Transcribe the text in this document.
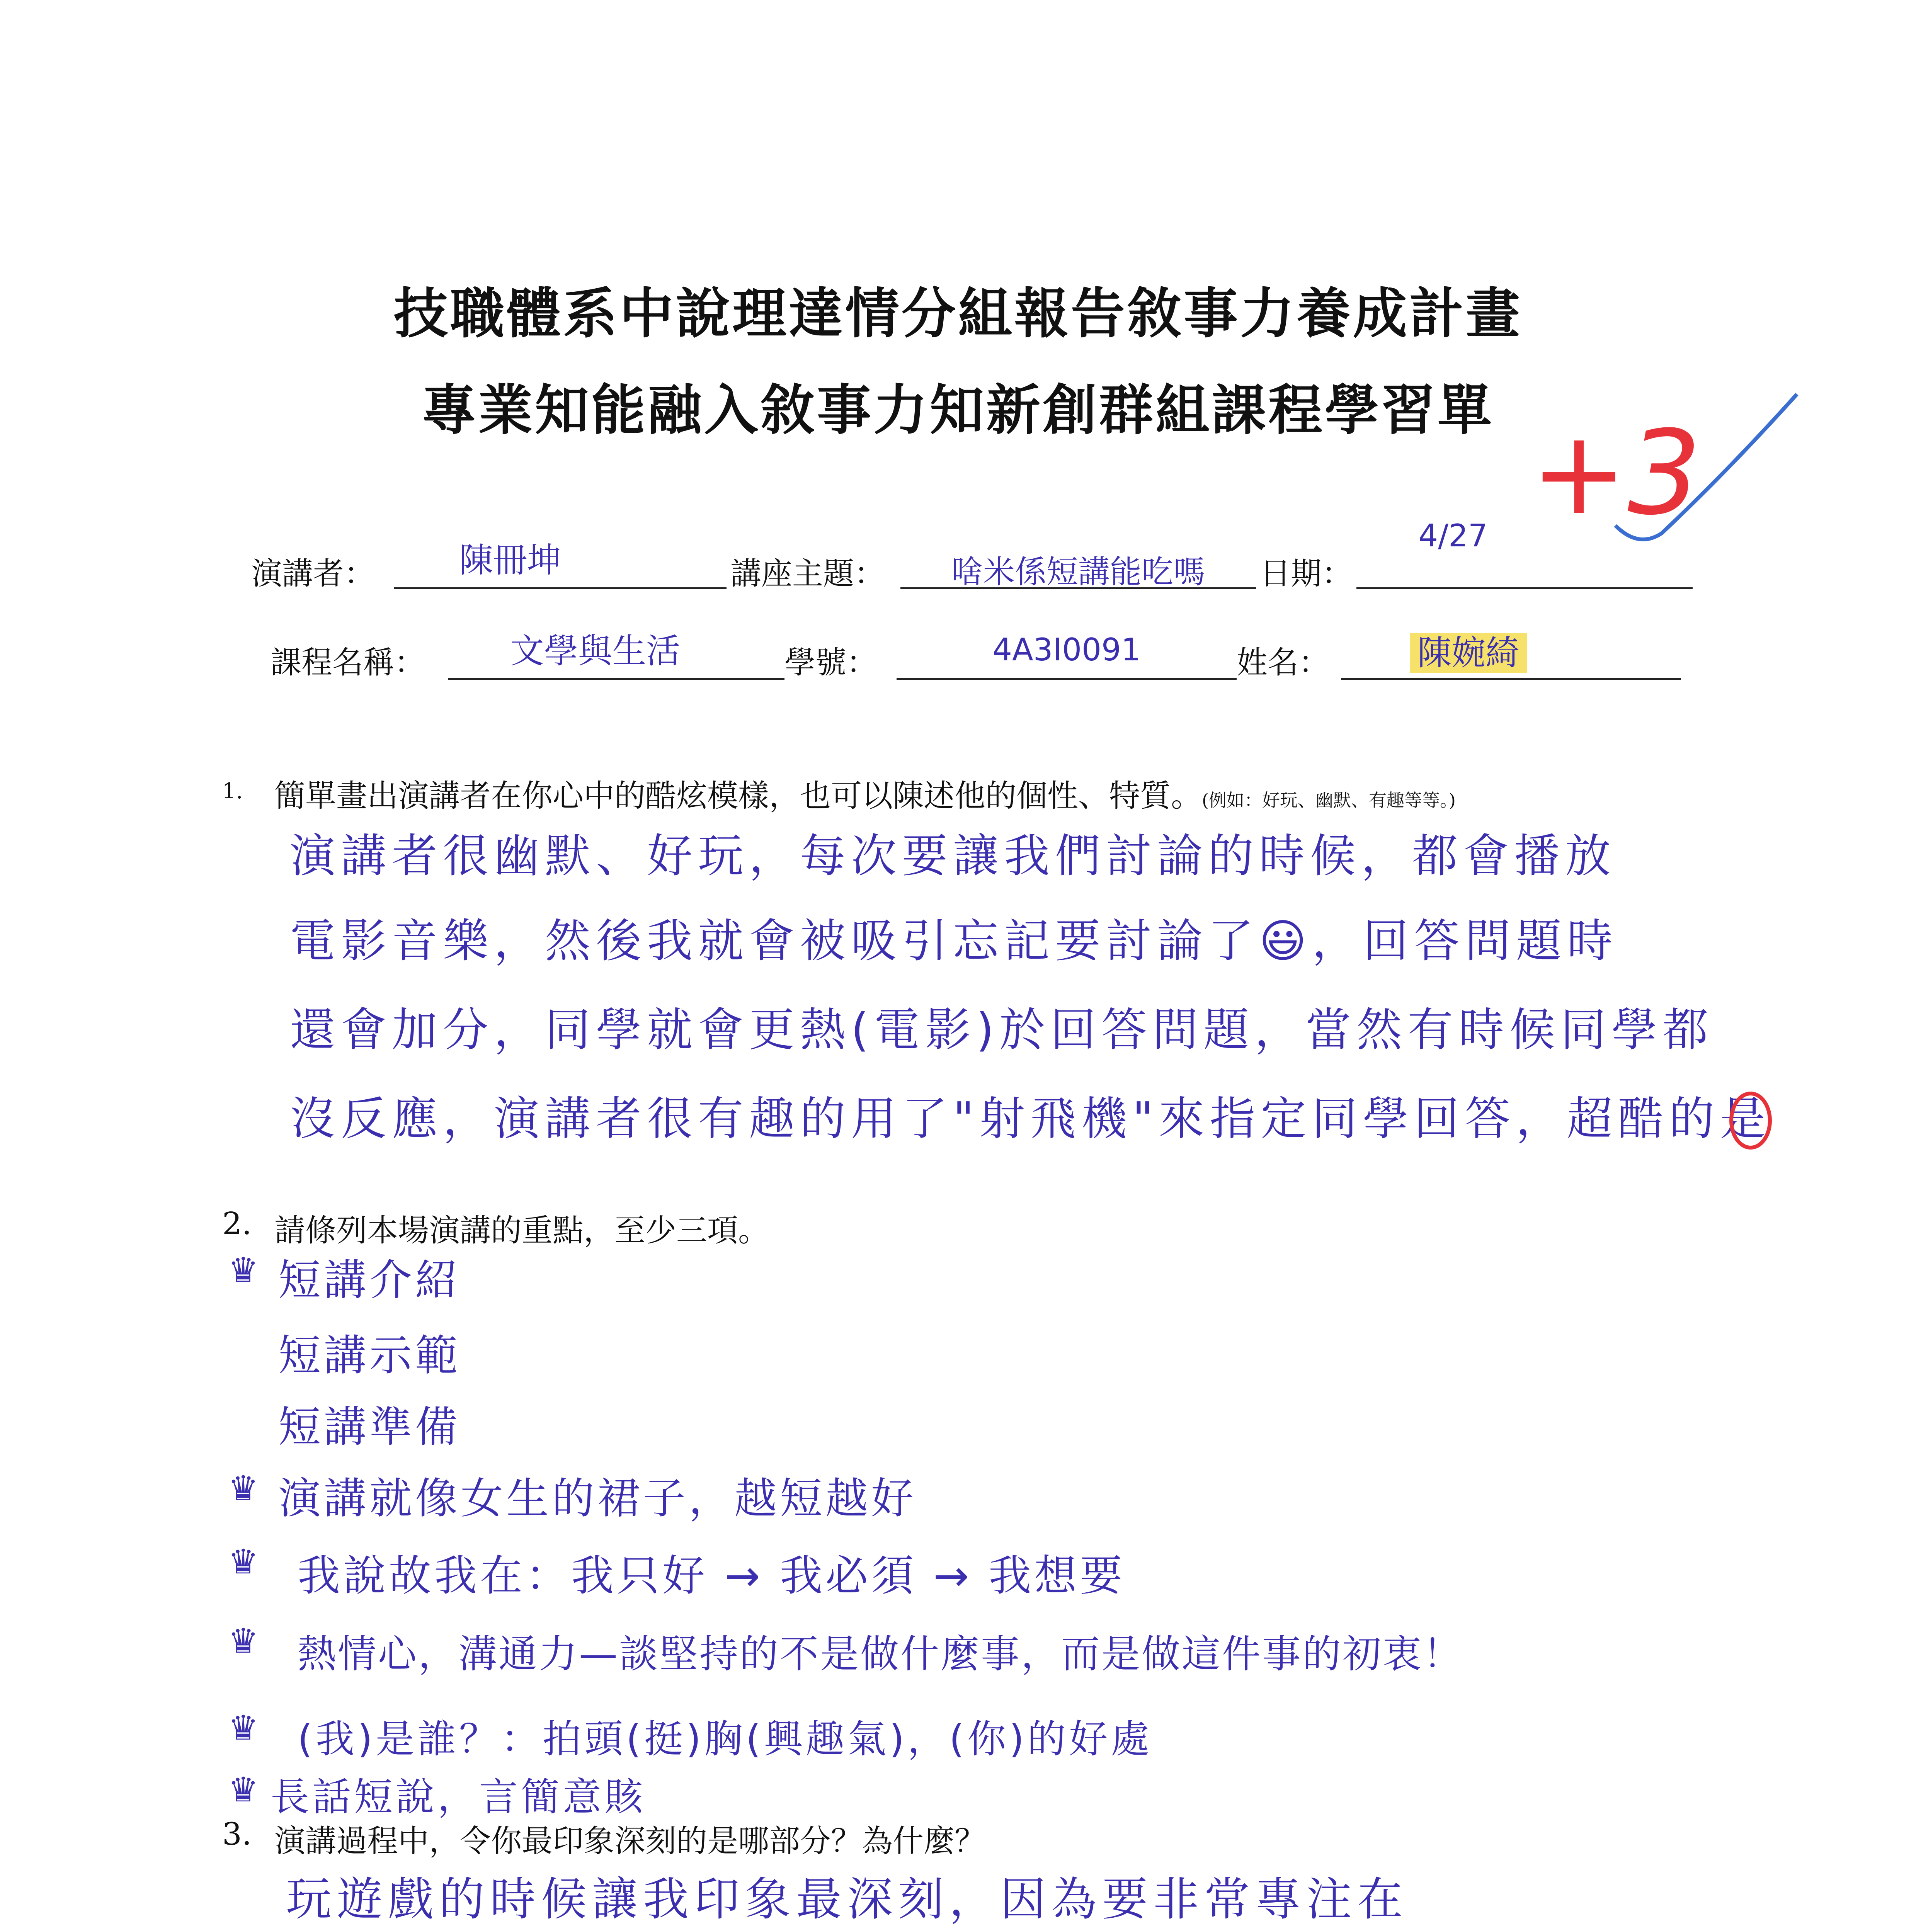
技職體系中說理達情分組報告敘事力養成計畫
專業知能融入敘事力知新創群組課程學習單 +3
演講者：	陳冊坤	講座主題：	啥米係短講能吃嗎	日期：
4/27
課程名稱：	文學與生活	學號：	4A3I0091	姓名：	陳婉綺
1. 簡單畫出演講者在你心中的酷炫模樣，也可以陳述他的個性、特質。(例如：好玩、幽默、有趣等等。)
演講者很幽默、好玩，每次要讓我們討論的時候，都會播放
電影音樂，然後我就會被吸引忘記要討論了😃，回答問題時
還會加分，同學就會更熱(電影)於回答問題，當然有時候同學都
沒反應，演講者很有趣的用了"射飛機"來指定同學回答，超酷的是
2. 請條列本場演講的重點，至少三項。
♛ 短講介紹
短講示範
短講準備
♛ 演講就像女生的裙子，越短越好
♛ 我說故我在：我只好 → 我必須 → 我想要
♛ 熱情心，溝通力—談堅持的不是做什麼事，而是做這件事的初衷！
♛ (我)是誰？：拍頭(挺)胸(興趣氣)，(你)的好處
♛ 長話短說，言簡意賅
3. 演講過程中，令你最印象深刻的是哪部分？為什麼？
玩遊戲的時候讓我印象最深刻，因為要非常專注在
